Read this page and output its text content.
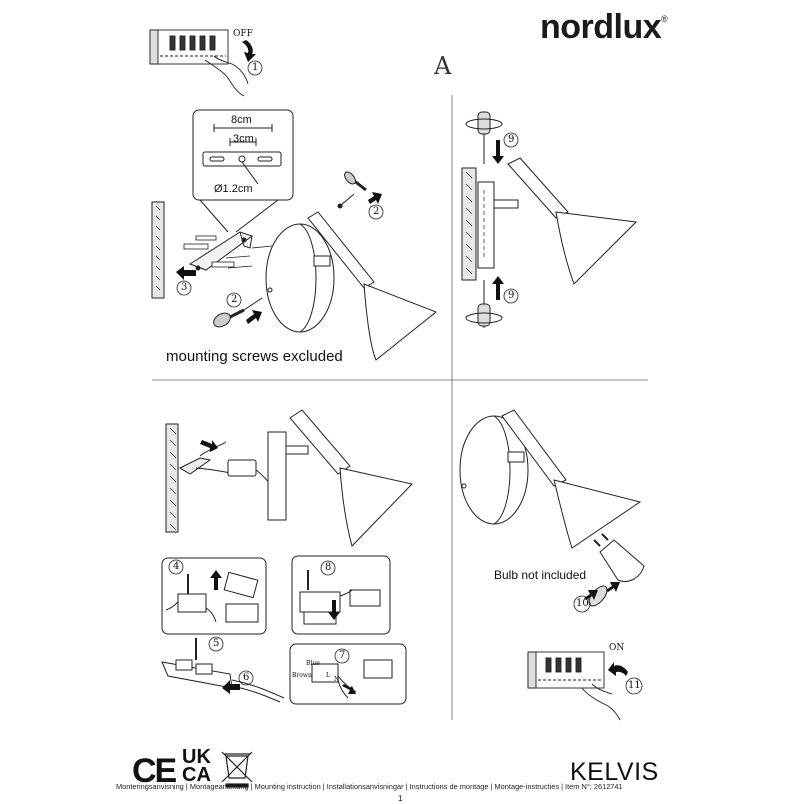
nordlux®
A
OFF
ON
8cm
3cm
Ø1.2cm
mounting screws excluded
Bulb not included
Blue
Brown
N
L
1
2
2
3
4
5
6
7
8
9
9
10
11
CE UK
CA	KELVIS
Monteringsanvisning | Montageanleitung | Mounting instruction | Installationsanvisningar | Instructions de montage | Montage-instructies | Item N°: 2612741
1
